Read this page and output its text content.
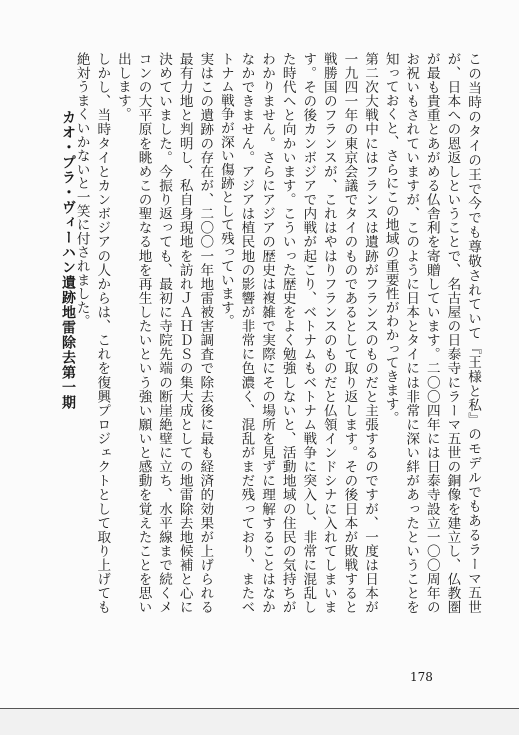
この当時のタイの王で今でも尊敬されていて『王様と私』のモデルでもあるラーマ五世が、日本への恩返しということで、名古屋の日泰寺にラーマ五世の銅像を建立し、仏教圏が最も貴重とあがめる仏舎利を寄贈しています。二〇〇四年には日泰寺設立一〇〇周年のお祝いもされていますが、このように日本とタイには非常に深い絆があったということを知っておくと、さらにこの地域の重要性がわかってきます。

第二次大戦中にはフランスは遺跡がフランスのものだと主張するのですが、一度は日本が一九四一年の東京会議でタイのものであるとして取り返します。その後日本が敗戦すると戦勝国のフランスが、これはやはりフランスのものだと仏領インドシナに入れてしまいます。その後カンボジアで内戦が起こり、ベトナムもベトナム戦争に突入し、非常に混乱した時代へと向かいます。こういった歴史をよく勉強しないと、活動地域の住民の気持ちがわかりません。さらにアジアの歴史は複雑で実際にその場所を見ずに理解することはなかなかできません。アジアは植民地の影響が非常に色濃く、混乱がまだ残っており、またベトナム戦争が深い傷跡として残っています。

実はこの遺跡の存在が、二〇〇一年地雷被害調査で除去後に最も経済的効果が上げられる最有力地と判明し、私自身現地を訪れＪＡＨＤＳの集大成としての地雷除去地候補と心に決めていました。今振り返っても、最初に寺院先端の断崖絶壁に立ち、水平線まで続くメコンの大平原を眺めこの聖なる地を再生したいという強い願いと感動を覚えたことを思い出します。

しかし、当時タイとカンボジアの人からは、これを復興プロジェクトとして取り上げても絶対うまくいかないと一笑に付されました。

カオ・プラ・ヴィーハン遺跡地雷除去第一期
178
